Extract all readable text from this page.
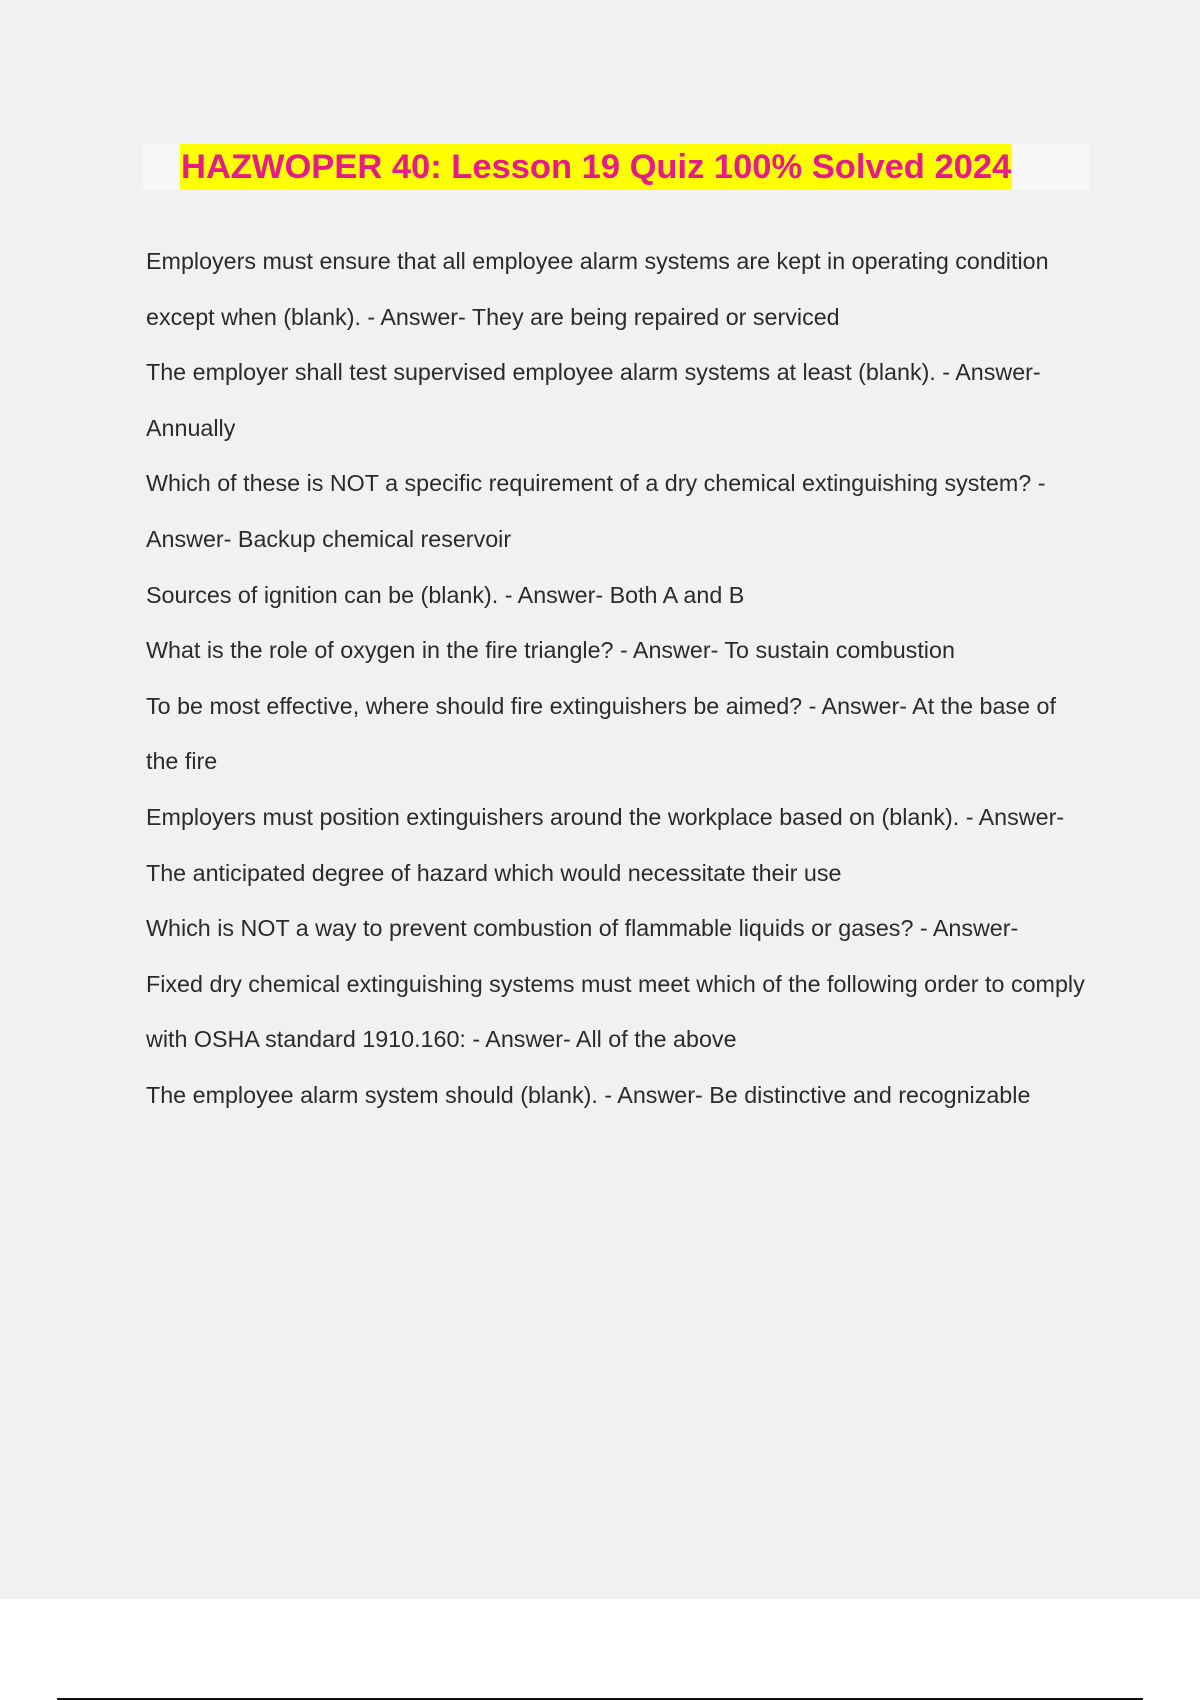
HAZWOPER 40: Lesson 19 Quiz 100% Solved 2024

Employers must ensure that all employee alarm systems are kept in operating condition except when (blank). - Answer- They are being repaired or serviced

The employer shall test supervised employee alarm systems at least (blank). - Answer- Annually

Which of these is NOT a specific requirement of a dry chemical extinguishing system? - Answer- Backup chemical reservoir

Sources of ignition can be (blank). - Answer- Both A and B

What is the role of oxygen in the fire triangle? - Answer- To sustain combustion

To be most effective, where should fire extinguishers be aimed? - Answer- At the base of the fire

Employers must position extinguishers around the workplace based on (blank). - Answer- The anticipated degree of hazard which would necessitate their use

Which is NOT a way to prevent combustion of flammable liquids or gases? - Answer-

Fixed dry chemical extinguishing systems must meet which of the following order to comply with OSHA standard 1910.160: - Answer- All of the above

The employee alarm system should (blank). - Answer- Be distinctive and recognizable
